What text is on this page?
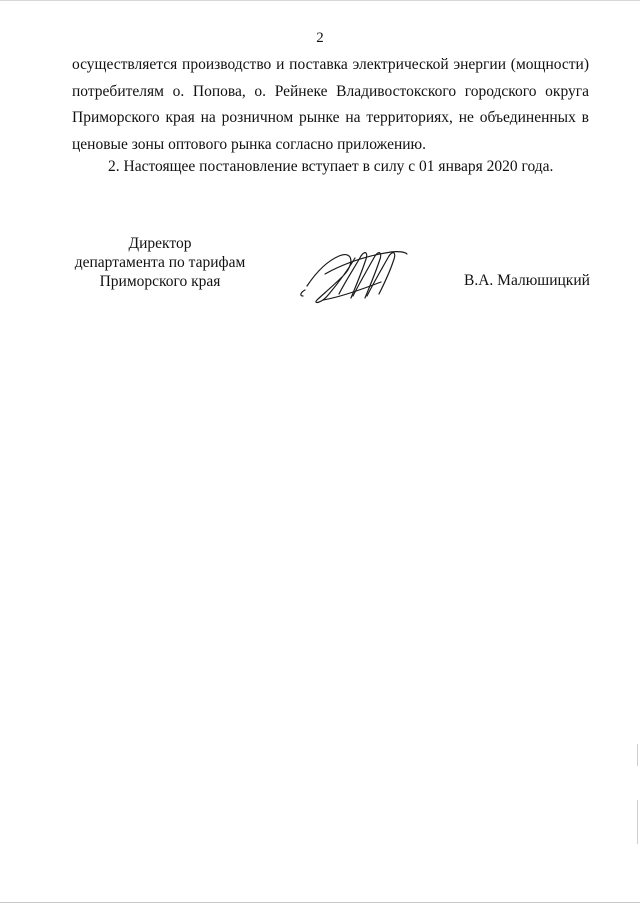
2

осуществляется производство и поставка электрической энергии (мощности) потребителям о. Попова, о. Рейнеке Владивостокского городского округа Приморского края на розничном рынке на территориях, не объединенных в ценовые зоны оптового рынка согласно приложению.

2. Настоящее постановление вступает в силу с 01 января 2020 года.

Директор
департамента по тарифам
Приморского края	В.А. Малюшицкий
